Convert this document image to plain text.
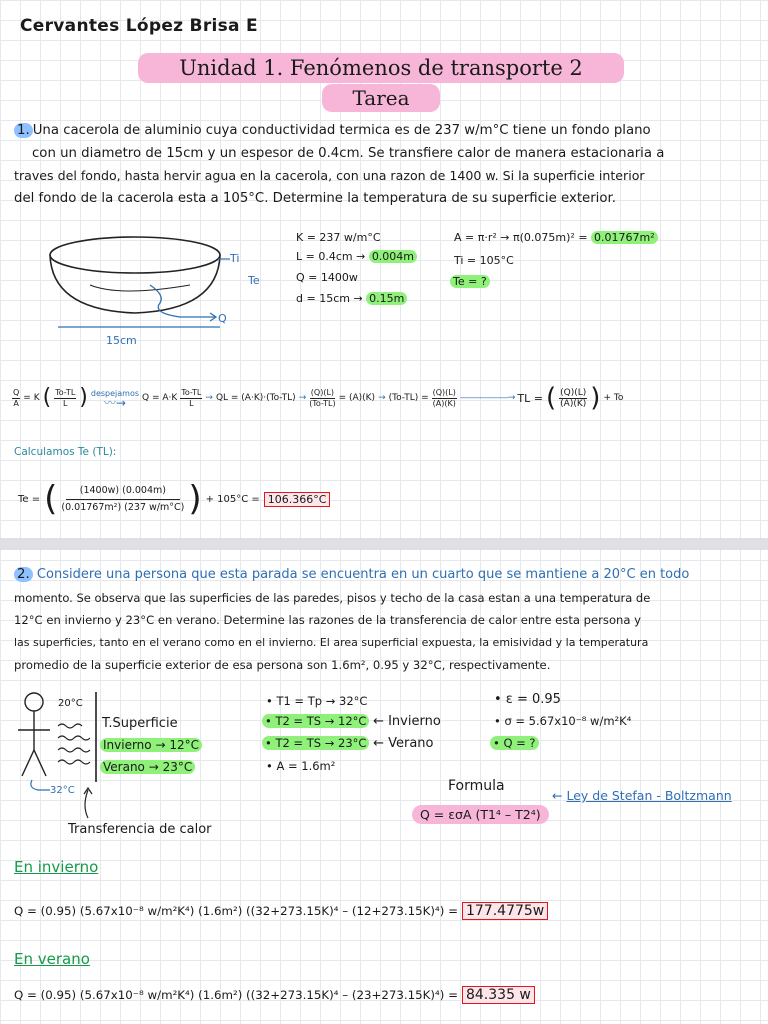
Cervantes López Brisa E
Unidad 1. Fenómenos de transporte 2
Tarea
1. Una cacerola de aluminio cuya conductividad termica es de 237 w/m°C tiene un fondo plano
con un diametro de 15cm y un espesor de 0.4cm. Se transfiere calor de manera estacionaria a
traves del fondo, hasta hervir agua en la cacerola, con una razon de 1400 w. Si la superficie interior
del fondo de la cacerola esta a 105°C. Determine la temperatura de su superficie exterior.
Ti
Te
Q
15cm
K = 237 w/m°C
L = 0.4cm → 0.004m
Q = 1400w
d = 15cm → 0.15m
A = π·r² → π(0.075m)² = 0.01767m²
Ti = 105°C
Te = ?
$\frac{Q}{A} = K$ ( $\frac{To-TL}{L}$ ) despejamos
〰→ $Q = A\cdot K \frac{To-TL}{L}$ → QL = $(A\cdot K)\cdot(To-TL) \to \frac{(Q)(L)}{(To-TL)} = (A)(K) \to (To-TL) = \frac{(Q)(L)}{(A)(K)}$ ——————→ TL = ( $\frac{(Q)(L)}{(A)(K)}$ ) + To
Calculamos Te (TL):
Te = ( $\frac{(1400w) (0.004m)}{\text{(0.01767m²) (237 w/m°C)}}$ ) + 105°C = 106.366°C
2. Considere una persona que esta parada se encuentra en un cuarto que se mantiene a 20°C en todo
momento. Se observa que las superficies de las paredes, pisos y techo de la casa estan a una temperatura de
12°C en invierno y 23°C en verano. Determine las razones de la transferencia de calor entre esta persona y
las superficies, tanto en el verano como en el invierno. El area superficial expuesta, la emisividad y la temperatura
promedio de la superficie exterior de esa persona son 1.6m², 0.95 y 32°C, respectivamente.
20°C
32°C
T.Superficie
Invierno → 12°C
Verano → 23°C
Transferencia de calor
• T1 = Tp → 32°C
• T2 = TS → 12°C ← Invierno
• T2 = TS → 23°C ← Verano
• A = 1.6m²
• ε = 0.95
• σ = 5.67x10⁻⁸ w/m²K⁴
• Q = ?
Formula
Q = εσA (T1⁴ – T2⁴)
← Ley de Stefan - Boltzmann
En invierno
Q = (0.95) (5.67x10⁻⁸ w/m²K⁴) (1.6m²) ((32+273.15K)⁴ – (12+273.15K)⁴) = 177.4775w
En verano
Q = (0.95) (5.67x10⁻⁸ w/m²K⁴) (1.6m²) ((32+273.15K)⁴ – (23+273.15K)⁴) = 84.335 w
